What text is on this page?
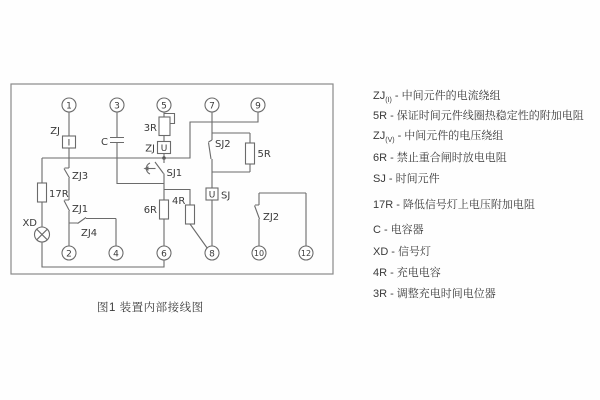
I
ZJ
ZJ3
ZJ1
ZJ4
17R
XD
C
3R
U
ZJ
SJ1
6R
4R
SJ2
5R
U SJ
ZJ2
1	3	5	7	9
2	4	6	8	10	12
图1 装置内部接线图
$ZJ_{(I)}$ - 中间元件的电流绕组
5R - 保证时间元件线圈热稳定性的附加电阻
$ZJ_{(V)}$ - 中间元件的电压绕组
6R - 禁止重合闸时放电电阻
SJ - 时间元件
17R - 降低信号灯上电压附加电阻
C - 电容器
XD - 信号灯
4R - 充电电容
3R - 调整充电时间电位器
